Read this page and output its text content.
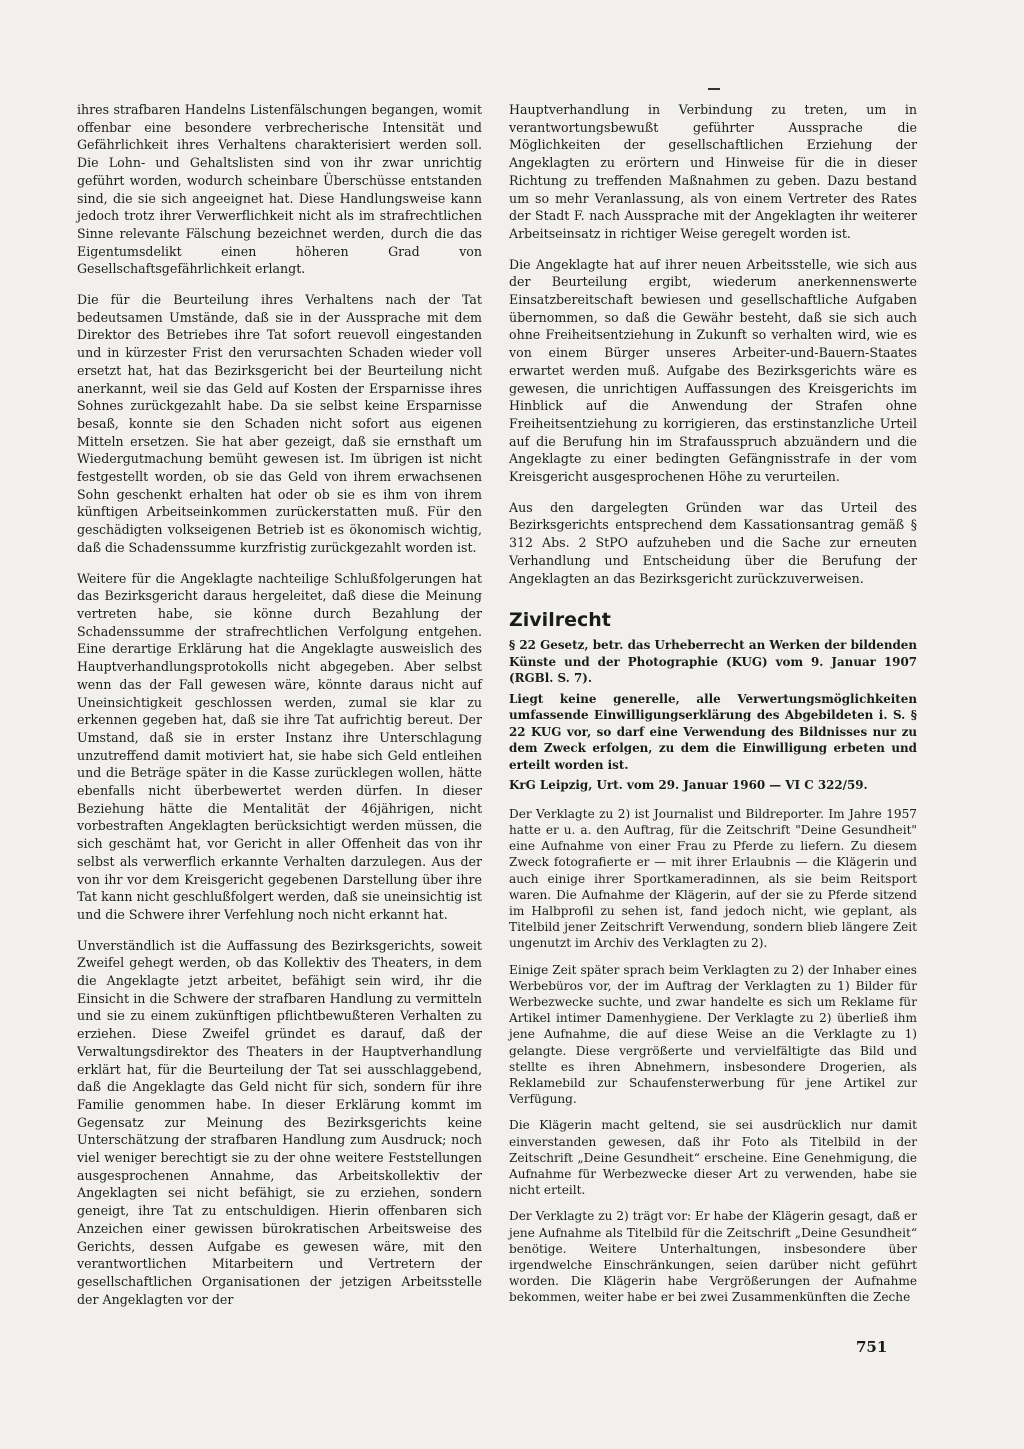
ihres strafbaren Handelns Listenfälschungen begangen, womit offenbar eine besondere verbrecherische Intensität und Gefährlichkeit ihres Verhaltens charakterisiert werden soll. Die Lohn- und Gehaltslisten sind von ihr zwar unrichtig geführt worden, wodurch scheinbare Überschüsse entstanden sind, die sie sich angeeignet hat. Diese Handlungsweise kann jedoch trotz ihrer Verwerflichkeit nicht als im strafrechtlichen Sinne relevante Fälschung bezeichnet werden, durch die das Eigentumsdelikt einen höheren Grad von Gesellschaftsgefährlichkeit erlangt.

Die für die Beurteilung ihres Verhaltens nach der Tat bedeutsamen Umstände, daß sie in der Aussprache mit dem Direktor des Betriebes ihre Tat sofort reuevoll eingestanden und in kürzester Frist den verursachten Schaden wieder voll ersetzt hat, hat das Bezirksgericht bei der Beurteilung nicht anerkannt, weil sie das Geld auf Kosten der Ersparnisse ihres Sohnes zurückgezahlt habe. Da sie selbst keine Ersparnisse besaß, konnte sie den Schaden nicht sofort aus eigenen Mitteln ersetzen. Sie hat aber gezeigt, daß sie ernsthaft um Wiedergutmachung bemüht gewesen ist. Im übrigen ist nicht festgestellt worden, ob sie das Geld von ihrem erwachsenen Sohn geschenkt erhalten hat oder ob sie es ihm von ihrem künftigen Arbeitseinkommen zurückerstatten muß. Für den geschädigten volkseigenen Betrieb ist es ökonomisch wichtig, daß die Schadenssumme kurzfristig zurückgezahlt worden ist.

Weitere für die Angeklagte nachteilige Schlußfolgerungen hat das Bezirksgericht daraus hergeleitet, daß diese die Meinung vertreten habe, sie könne durch Bezahlung der Schadenssumme der strafrechtlichen Verfolgung entgehen. Eine derartige Erklärung hat die Angeklagte ausweislich des Hauptverhandlungsprotokolls nicht abgegeben. Aber selbst wenn das der Fall gewesen wäre, könnte daraus nicht auf Uneinsichtigkeit geschlossen werden, zumal sie klar zu erkennen gegeben hat, daß sie ihre Tat aufrichtig bereut. Der Umstand, daß sie in erster Instanz ihre Unterschlagung unzutreffend damit motiviert hat, sie habe sich Geld entleihen und die Beträge später in die Kasse zurücklegen wollen, hätte ebenfalls nicht überbewertet werden dürfen. In dieser Beziehung hätte die Mentalität der 46jährigen, nicht vorbestraften Angeklagten berücksichtigt werden müssen, die sich geschämt hat, vor Gericht in aller Offenheit das von ihr selbst als verwerflich erkannte Verhalten darzulegen. Aus der von ihr vor dem Kreisgericht gegebenen Darstellung über ihre Tat kann nicht geschlußfolgert werden, daß sie uneinsichtig ist und die Schwere ihrer Verfehlung noch nicht erkannt hat.

Unverständlich ist die Auffassung des Bezirksgerichts, soweit Zweifel gehegt werden, ob das Kollektiv des Theaters, in dem die Angeklagte jetzt arbeitet, befähigt sein wird, ihr die Einsicht in die Schwere der strafbaren Handlung zu vermitteln und sie zu einem zukünftigen pflichtbewußteren Verhalten zu erziehen. Diese Zweifel gründet es darauf, daß der Verwaltungsdirektor des Theaters in der Hauptverhandlung erklärt hat, für die Beurteilung der Tat sei ausschlaggebend, daß die Angeklagte das Geld nicht für sich, sondern für ihre Familie genommen habe. In dieser Erklärung kommt im Gegensatz zur Meinung des Bezirksgerichts keine Unterschätzung der strafbaren Handlung zum Ausdruck; noch viel weniger berechtigt sie zu der ohne weitere Feststellungen ausgesprochenen Annahme, das Arbeitskollektiv der Angeklagten sei nicht befähigt, sie zu erziehen, sondern geneigt, ihre Tat zu entschuldigen. Hierin offenbaren sich Anzeichen einer gewissen bürokratischen Arbeitsweise des Gerichts, dessen Aufgabe es gewesen wäre, mit den verantwortlichen Mitarbeitern und Vertretern der gesellschaftlichen Organisationen der jetzigen Arbeitsstelle der Angeklagten vor der

Hauptverhandlung in Verbindung zu treten, um in verantwortungsbewußt geführter Aussprache die Möglichkeiten der gesellschaftlichen Erziehung der Angeklagten zu erörtern und Hinweise für die in dieser Richtung zu treffenden Maßnahmen zu geben. Dazu bestand um so mehr Veranlassung, als von einem Vertreter des Rates der Stadt F. nach Aussprache mit der Angeklagten ihr weiterer Arbeitseinsatz in richtiger Weise geregelt worden ist.

Die Angeklagte hat auf ihrer neuen Arbeitsstelle, wie sich aus der Beurteilung ergibt, wiederum anerkennenswerte Einsatzbereitschaft bewiesen und gesellschaftliche Aufgaben übernommen, so daß die Gewähr besteht, daß sie sich auch ohne Freiheitsentziehung in Zukunft so verhalten wird, wie es von einem Bürger unseres Arbeiter-und-Bauern-Staates erwartet werden muß. Aufgabe des Bezirksgerichts wäre es gewesen, die unrichtigen Auffassungen des Kreisgerichts im Hinblick auf die Anwendung der Strafen ohne Freiheitsentziehung zu korrigieren, das erstinstanzliche Urteil auf die Berufung hin im Strafausspruch abzuändern und die Angeklagte zu einer bedingten Gefängnisstrafe in der vom Kreisgericht ausgesprochenen Höhe zu verurteilen.

Aus den dargelegten Gründen war das Urteil des Bezirksgerichts entsprechend dem Kassationsantrag gemäß § 312 Abs. 2 StPO aufzuheben und die Sache zur erneuten Verhandlung und Entscheidung über die Berufung der Angeklagten an das Bezirksgericht zurückzuverweisen.

Zivilrecht

§ 22 Gesetz, betr. das Urheberrecht an Werken der bildenden Künste und der Photographie (KUG) vom 9. Januar 1907 (RGBl. S. 7).

Liegt keine generelle, alle Verwertungsmöglichkeiten umfassende Einwilligungserklärung des Abgebildeten i. S. § 22 KUG vor, so darf eine Verwendung des Bildnisses nur zu dem Zweck erfolgen, zu dem die Einwilligung erbeten und erteilt worden ist.

KrG Leipzig, Urt. vom 29. Januar 1960 — VI C 322/59.

Der Verklagte zu 2) ist Journalist und Bildreporter. Im Jahre 1957 hatte er u. a. den Auftrag, für die Zeitschrift "Deine Gesundheit" eine Aufnahme von einer Frau zu Pferde zu liefern. Zu diesem Zweck fotografierte er — mit ihrer Erlaubnis — die Klägerin und auch einige ihrer Sportkameradinnen, als sie beim Reitsport waren. Die Aufnahme der Klägerin, auf der sie zu Pferde sitzend im Halbprofil zu sehen ist, fand jedoch nicht, wie geplant, als Titelbild jener Zeitschrift Verwendung, sondern blieb längere Zeit ungenutzt im Archiv des Verklagten zu 2).

Einige Zeit später sprach beim Verklagten zu 2) der Inhaber eines Werbebüros vor, der im Auftrag der Verklagten zu 1) Bilder für Werbezwecke suchte, und zwar handelte es sich um Reklame für Artikel intimer Damenhygiene. Der Verklagte zu 2) überließ ihm jene Aufnahme, die auf diese Weise an die Verklagte zu 1) gelangte. Diese vergrößerte und vervielfältigte das Bild und stellte es ihren Abnehmern, insbesondere Drogerien, als Reklamebild zur Schaufensterwerbung für jene Artikel zur Verfügung.

Die Klägerin macht geltend, sie sei ausdrücklich nur damit einverstanden gewesen, daß ihr Foto als Titelbild in der Zeitschrift „Deine Gesundheit“ erscheine. Eine Genehmigung, die Aufnahme für Werbezwecke dieser Art zu verwenden, habe sie nicht erteilt.

Der Verklagte zu 2) trägt vor: Er habe der Klägerin gesagt, daß er jene Aufnahme als Titelbild für die Zeitschrift „Deine Gesundheit“ benötige. Weitere Unterhaltungen, insbesondere über irgendwelche Einschränkungen, seien darüber nicht geführt worden. Die Klägerin habe Vergrößerungen der Aufnahme bekommen, weiter habe er bei zwei Zusammenkünften die Zeche

751
